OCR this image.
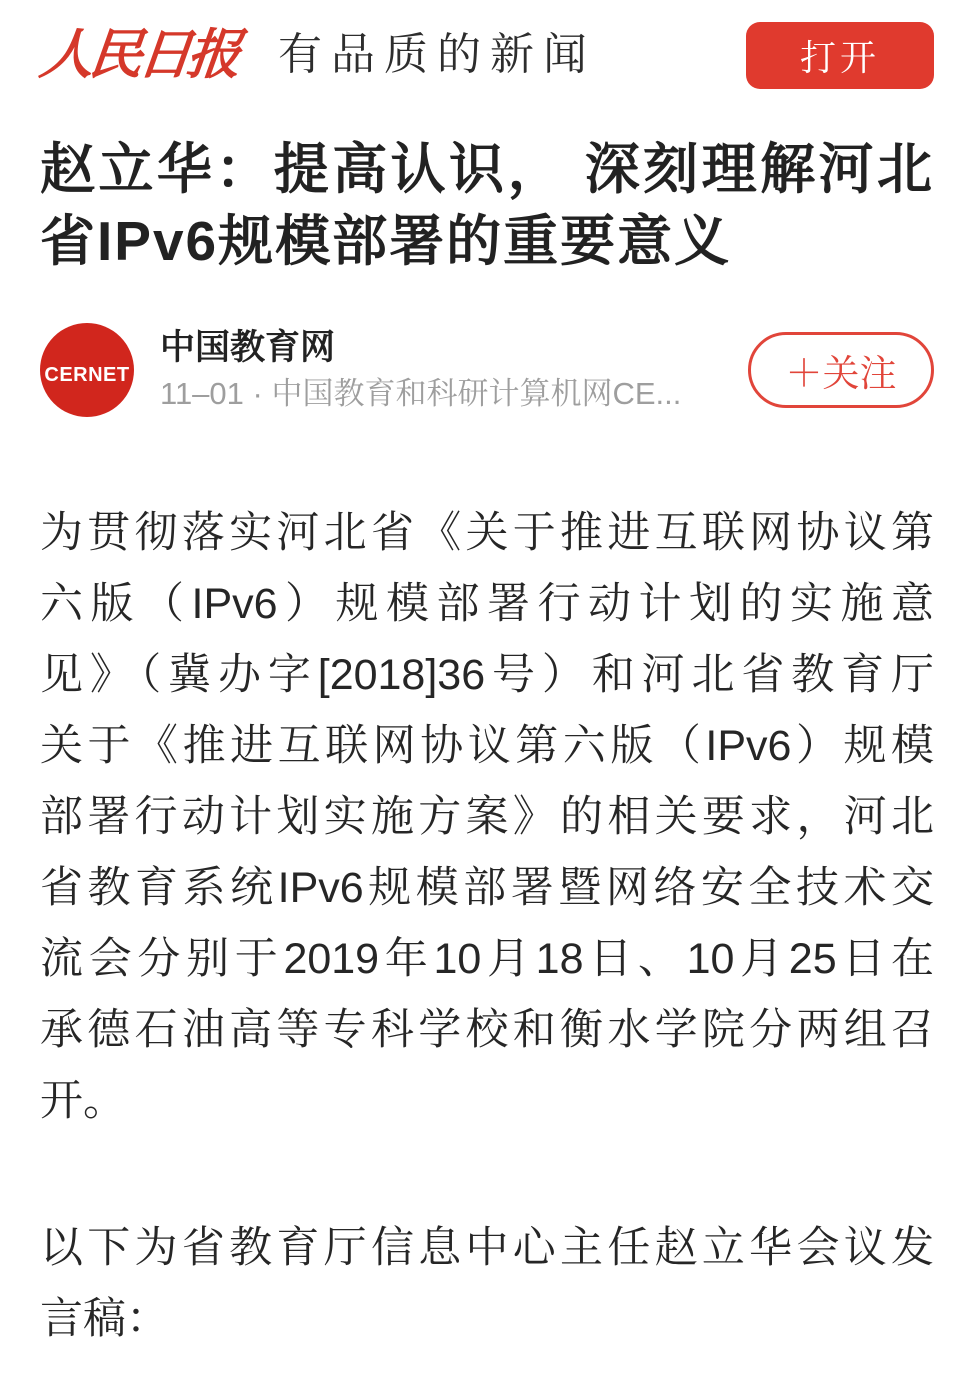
人民日报 有品质的新闻	打开
赵立华：提高认识， 深刻理解河北
省IPv6规模部署的重要意义
CERNET
中国教育网
11–01 · 中国教育和科研计算机网CE...	＋关注
为贯彻落实河北省《关于推进互联网协议第
六版（IPv6）规模部署行动计划的实施意
见》（冀办字[2018]36号）和河北省教育厅
关于《推进互联网协议第六版（IPv6）规模
部署行动计划实施方案》的相关要求，河北
省教育系统IPv6规模部署暨网络安全技术交
流会分别于2019年10月18日、10月25日在
承德石油高等专科学校和衡水学院分两组召
开。
以下为省教育厅信息中心主任赵立华会议发
言稿：
